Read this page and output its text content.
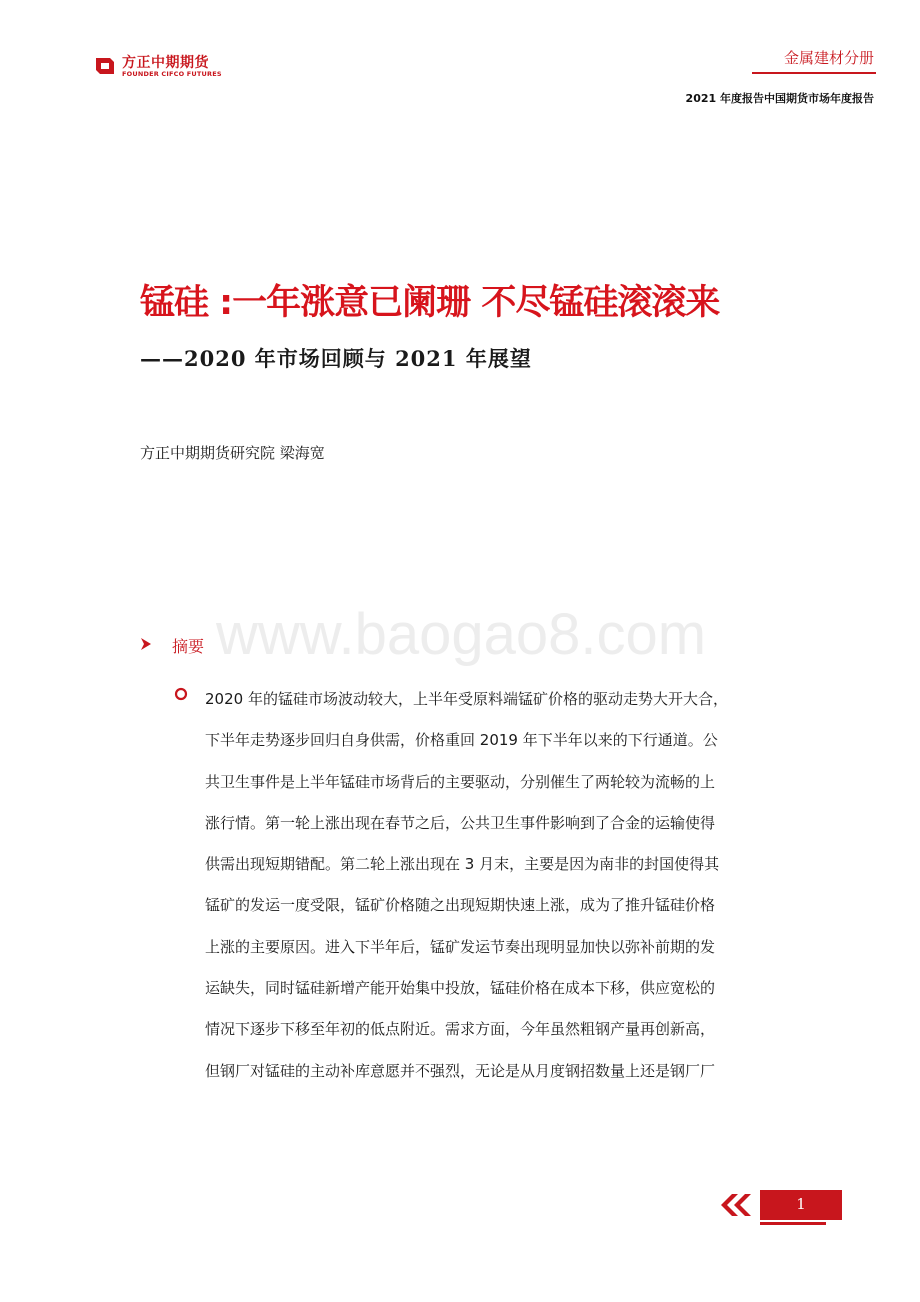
方正中期期货
FOUNDER CIFCO FUTURES
金属建材分册
2021 年度报告中国期货市场年度报告
锰硅 :一年涨意已阑珊 不尽锰硅滚滚来
——2020 年市场回顾与 2021 年展望
方正中期期货研究院 梁海宽
www.baogao8.com
摘要
2020 年的锰硅市场波动较大，上半年受原料端锰矿价格的驱动走势大开大合，
下半年走势逐步回归自身供需，价格重回 2019 年下半年以来的下行通道。公
共卫生事件是上半年锰硅市场背后的主要驱动，分别催生了两轮较为流畅的上
涨行情。第一轮上涨出现在春节之后，公共卫生事件影响到了合金的运输使得
供需出现短期错配。第二轮上涨出现在 3 月末，主要是因为南非的封国使得其
锰矿的发运一度受限，锰矿价格随之出现短期快速上涨，成为了推升锰硅价格
上涨的主要原因。进入下半年后，锰矿发运节奏出现明显加快以弥补前期的发
运缺失，同时锰硅新增产能开始集中投放，锰硅价格在成本下移，供应宽松的
情况下逐步下移至年初的低点附近。需求方面，今年虽然粗钢产量再创新高，
但钢厂对锰硅的主动补库意愿并不强烈，无论是从月度钢招数量上还是钢厂厂
1
